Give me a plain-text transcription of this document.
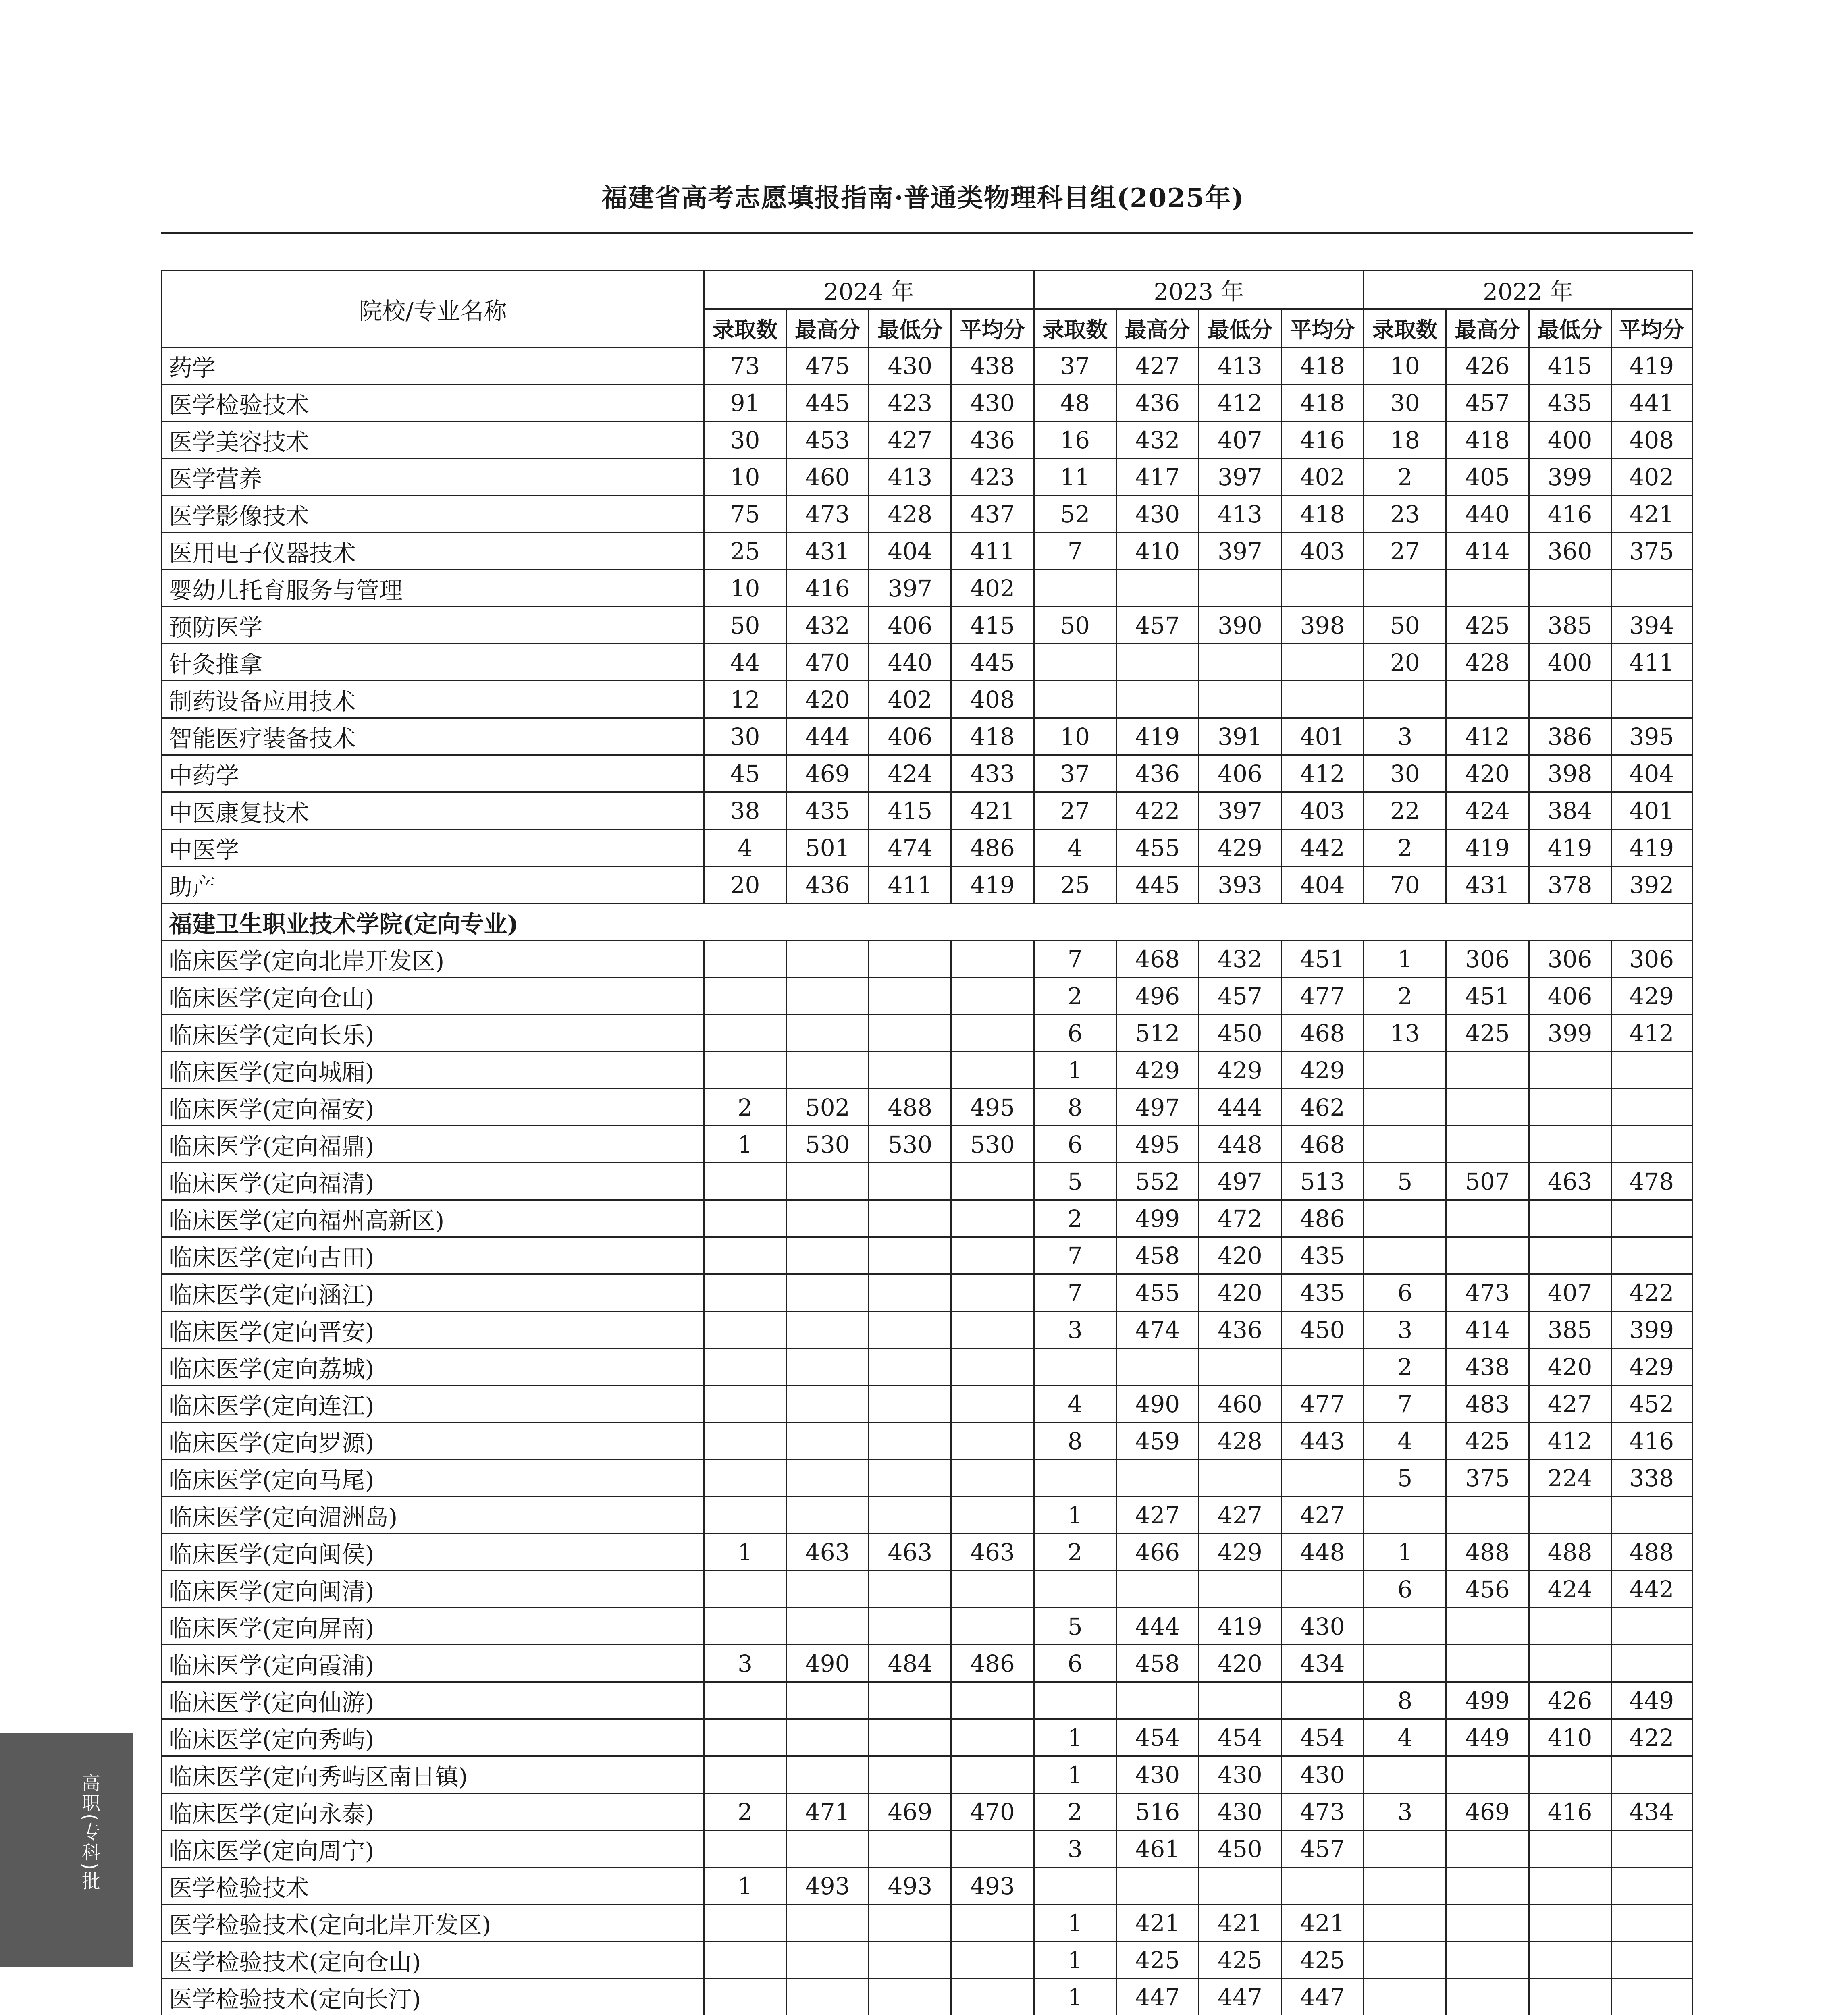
福建省高考志愿填报指南·普通类物理科目组(2025年)
院校/专业名称	2024 年				2023 年				2022 年			
	录取数	最高分	最低分	平均分	录取数	最高分	最低分	平均分	录取数	最高分	最低分	平均分
药学	73	475	430	438	37	427	413	418	10	426	415	419
医学检验技术	91	445	423	430	48	436	412	418	30	457	435	441
医学美容技术	30	453	427	436	16	432	407	416	18	418	400	408
医学营养	10	460	413	423	11	417	397	402	2	405	399	402
医学影像技术	75	473	428	437	52	430	413	418	23	440	416	421
医用电子仪器技术	25	431	404	411	7	410	397	403	27	414	360	375
婴幼儿托育服务与管理	10	416	397	402								
预防医学	50	432	406	415	50	457	390	398	50	425	385	394
针灸推拿	44	470	440	445					20	428	400	411
制药设备应用技术	12	420	402	408								
智能医疗装备技术	30	444	406	418	10	419	391	401	3	412	386	395
中药学	45	469	424	433	37	436	406	412	30	420	398	404
中医康复技术	38	435	415	421	27	422	397	403	22	424	384	401
中医学	4	501	474	486	4	455	429	442	2	419	419	419
助产	20	436	411	419	25	445	393	404	70	431	378	392
福建卫生职业技术学院(定向专业)												
临床医学(定向北岸开发区)					7	468	432	451	1	306	306	306
临床医学(定向仓山)					2	496	457	477	2	451	406	429
临床医学(定向长乐)					6	512	450	468	13	425	399	412
临床医学(定向城厢)					1	429	429	429				
临床医学(定向福安)	2	502	488	495	8	497	444	462				
临床医学(定向福鼎)	1	530	530	530	6	495	448	468				
临床医学(定向福清)					5	552	497	513	5	507	463	478
临床医学(定向福州高新区)					2	499	472	486				
临床医学(定向古田)					7	458	420	435				
临床医学(定向涵江)					7	455	420	435	6	473	407	422
临床医学(定向晋安)					3	474	436	450	3	414	385	399
临床医学(定向荔城)									2	438	420	429
临床医学(定向连江)					4	490	460	477	7	483	427	452
临床医学(定向罗源)					8	459	428	443	4	425	412	416
临床医学(定向马尾)									5	375	224	338
临床医学(定向湄洲岛)					1	427	427	427				
临床医学(定向闽侯)	1	463	463	463	2	466	429	448	1	488	488	488
临床医学(定向闽清)									6	456	424	442
临床医学(定向屏南)					5	444	419	430				
临床医学(定向霞浦)	3	490	484	486	6	458	420	434				
临床医学(定向仙游)									8	499	426	449
临床医学(定向秀屿)					1	454	454	454	4	449	410	422
临床医学(定向秀屿区南日镇)					1	430	430	430				
临床医学(定向永泰)	2	471	469	470	2	516	430	473	3	469	416	434
临床医学(定向周宁)					3	461	450	457				
医学检验技术	1	493	493	493								
医学检验技术(定向北岸开发区)					1	421	421	421				
医学检验技术(定向仓山)					1	425	425	425				
医学检验技术(定向长汀)					1	447	447	447				

高职(专科)批
